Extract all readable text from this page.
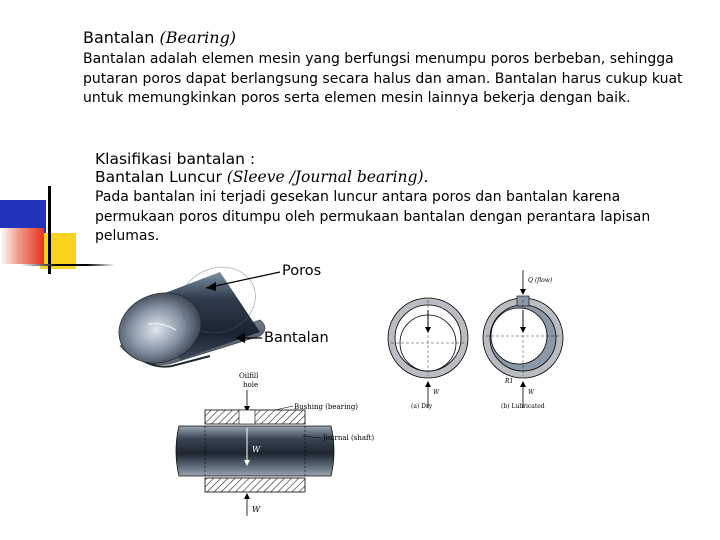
Bantalan (Bearing)
Bantalan adalah elemen mesin yang berfungsi menumpu poros berbeban, sehingga putaran poros dapat berlangsung secara halus dan aman. Bantalan harus cukup kuat untuk memungkinkan poros serta elemen mesin lainnya bekerja dengan baik.
Klasifikasi bantalan :
Bantalan Luncur (Sleeve /Journal bearing).
Pada bantalan ini terjadi gesekan luncur antara poros dan bantalan karena permukaan poros ditumpu oleh permukaan bantalan dengan perantara lapisan pelumas.
Poros
Bantalan
Oilfill
hole
W
W
Bushing (bearing)
Journal (shaft)
W
Q (flow)
W
R1
(a) Dry	(b) Lubricated
